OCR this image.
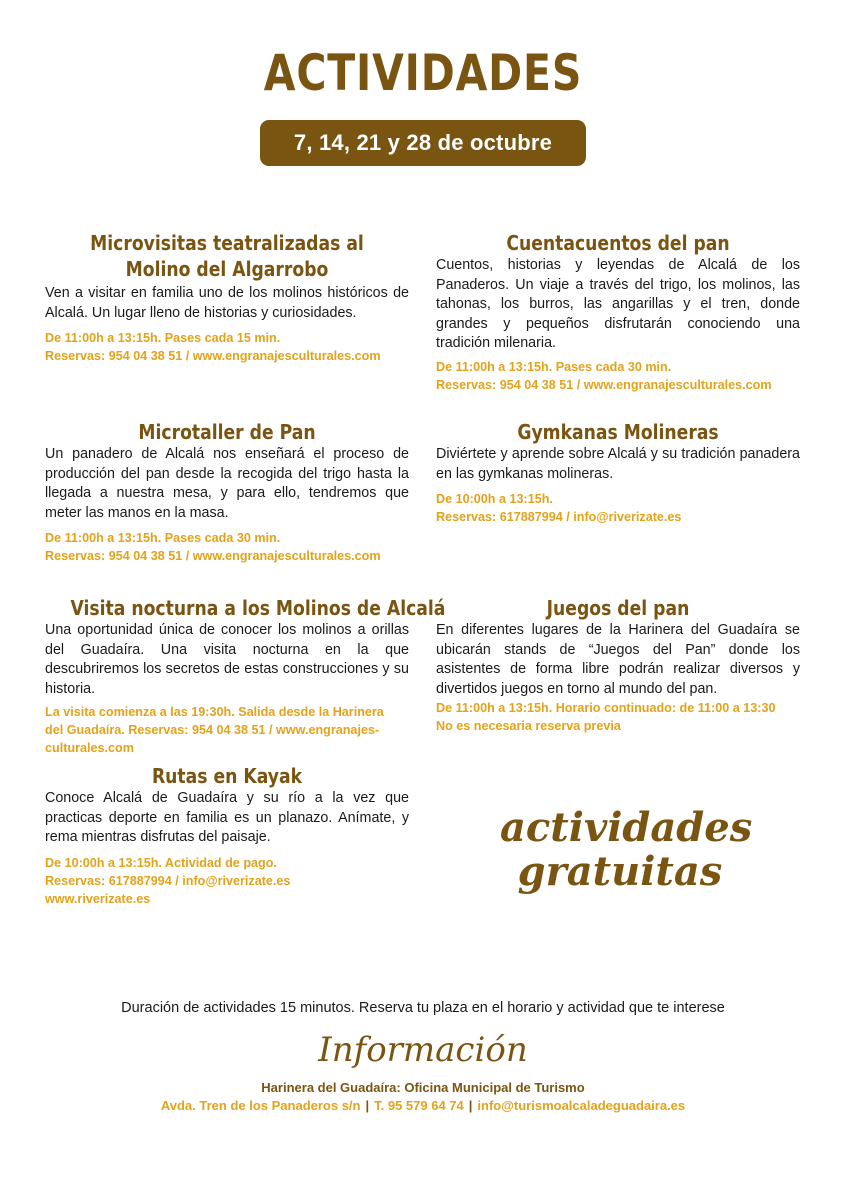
ACTIVIDADES
7, 14, 21 y 28 de octubre
Microvisitas teatralizadas al
Molino del Algarrobo
Ven a visitar en familia uno de los molinos históricos de Alcalá. Un lugar lleno de historias y curiosidades.
De 11:00h a 13:15h. Pases cada 15 min.
Reservas: 954 04 38 51 / www.engranajesculturales.com
Cuentacuentos del pan
Cuentos, historias y leyendas de Alcalá de los Panaderos. Un viaje a través del trigo, los molinos, las tahonas, los burros, las angarillas y el tren, donde grandes y pequeños disfrutarán conociendo una tradición milenaria.
De 11:00h a 13:15h. Pases cada 30 min.
Reservas: 954 04 38 51 / www.engranajesculturales.com
Microtaller de Pan
Un panadero de Alcalá nos enseñará el proceso de producción del pan desde la recogida del trigo hasta la llegada a nuestra mesa, y para ello, tendremos que meter las manos en la masa.
De 11:00h a 13:15h. Pases cada 30 min.
Reservas: 954 04 38 51 / www.engranajesculturales.com
Gymkanas Molineras
Diviértete y aprende sobre Alcalá y su tradición panadera en las gymkanas molineras.
De 10:00h a 13:15h.
Reservas: 617887994 / info@riverizate.es
Visita nocturna a los Molinos de Alcalá
Una oportunidad única de conocer los molinos a orillas del Guadaíra. Una visita nocturna en la que descubriremos los secretos de estas construcciones y su historia.
La visita comienza a las 19:30h. Salida desde la Harinera
del Guadaíra. Reservas: 954 04 38 51 / www.engranajes-
culturales.com
Juegos del pan
En diferentes lugares de la Harinera del Guadaíra se ubicarán stands de “Juegos del Pan” donde los asistentes de forma libre podrán realizar diversos y divertidos juegos en torno al mundo del pan.
De 11:00h a 13:15h. Horario continuado: de 11:00 a 13:30
No es necesaria reserva previa
Rutas en Kayak
Conoce Alcalá de Guadaíra y su río a la vez que practicas deporte en familia es un planazo. Anímate, y rema mientras disfrutas del paisaje.
De 10:00h a 13:15h. Actividad de pago.
Reservas: 617887994 / info@riverizate.es
www.riverizate.es
actividades
gratuitas
Duración de actividades 15 minutos. Reserva tu plaza en el horario y actividad que te interese
Información
Harinera del Guadaíra: Oficina Municipal de Turismo
Avda. Tren de los Panaderos s/n | T. 95 579 64 74 | info@turismoalcaladeguadaira.es
